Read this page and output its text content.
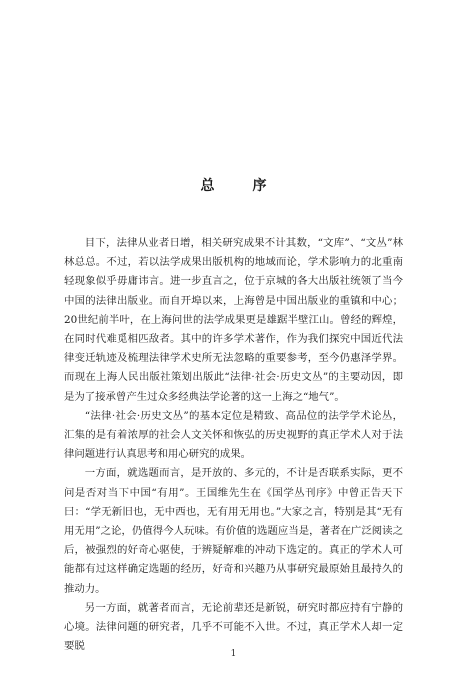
总	序

目下，法律从业者日增，相关研究成果不计其数，“文库”、“文丛”林林总总。不过，若以法学成果出版机构的地域而论，学术影响力的北重南轻现象似乎毋庸讳言。进一步直言之，位于京城的各大出版社统领了当今中国的法律出版业。而自开埠以来，上海曾是中国出版业的重镇和中心；20世纪前半叶，在上海问世的法学成果更是雄踞半壁江山。曾经的辉煌，在同时代难觅相匹敌者。其中的许多学术著作，作为我们探究中国近代法律变迁轨迹及梳理法律学术史所无法忽略的重要参考，至今仍惠泽学界。而现在上海人民出版社策划出版此“法律·社会·历史文丛”的主要动因，即是为了接承曾产生过众多经典法学论著的这一上海之“地气”。

“法律·社会·历史文丛”的基本定位是精致、高品位的法学学术论丛，汇集的是有着浓厚的社会人文关怀和恢弘的历史视野的真正学术人对于法律问题进行认真思考和用心研究的成果。

一方面，就选题而言，是开放的、多元的，不计是否联系实际，更不问是否对当下中国“有用”。王国维先生在《国学丛刊序》中曾正告天下曰：“学无新旧也，无中西也，无有用无用也。”大家之言，特别是其“无有用无用”之论，仍值得今人玩味。有价值的选题应当是，著者在广泛阅读之后，被强烈的好奇心驱使，于辨疑解难的冲动下选定的。真正的学术人可能都有过这样确定选题的经历，好奇和兴趣乃从事研究最原始且最持久的推动力。

另一方面，就著者而言，无论前辈还是新锐，研究时都应持有宁静的心境。法律问题的研究者，几乎不可能不入世。不过，真正学术人却一定要脱

1
